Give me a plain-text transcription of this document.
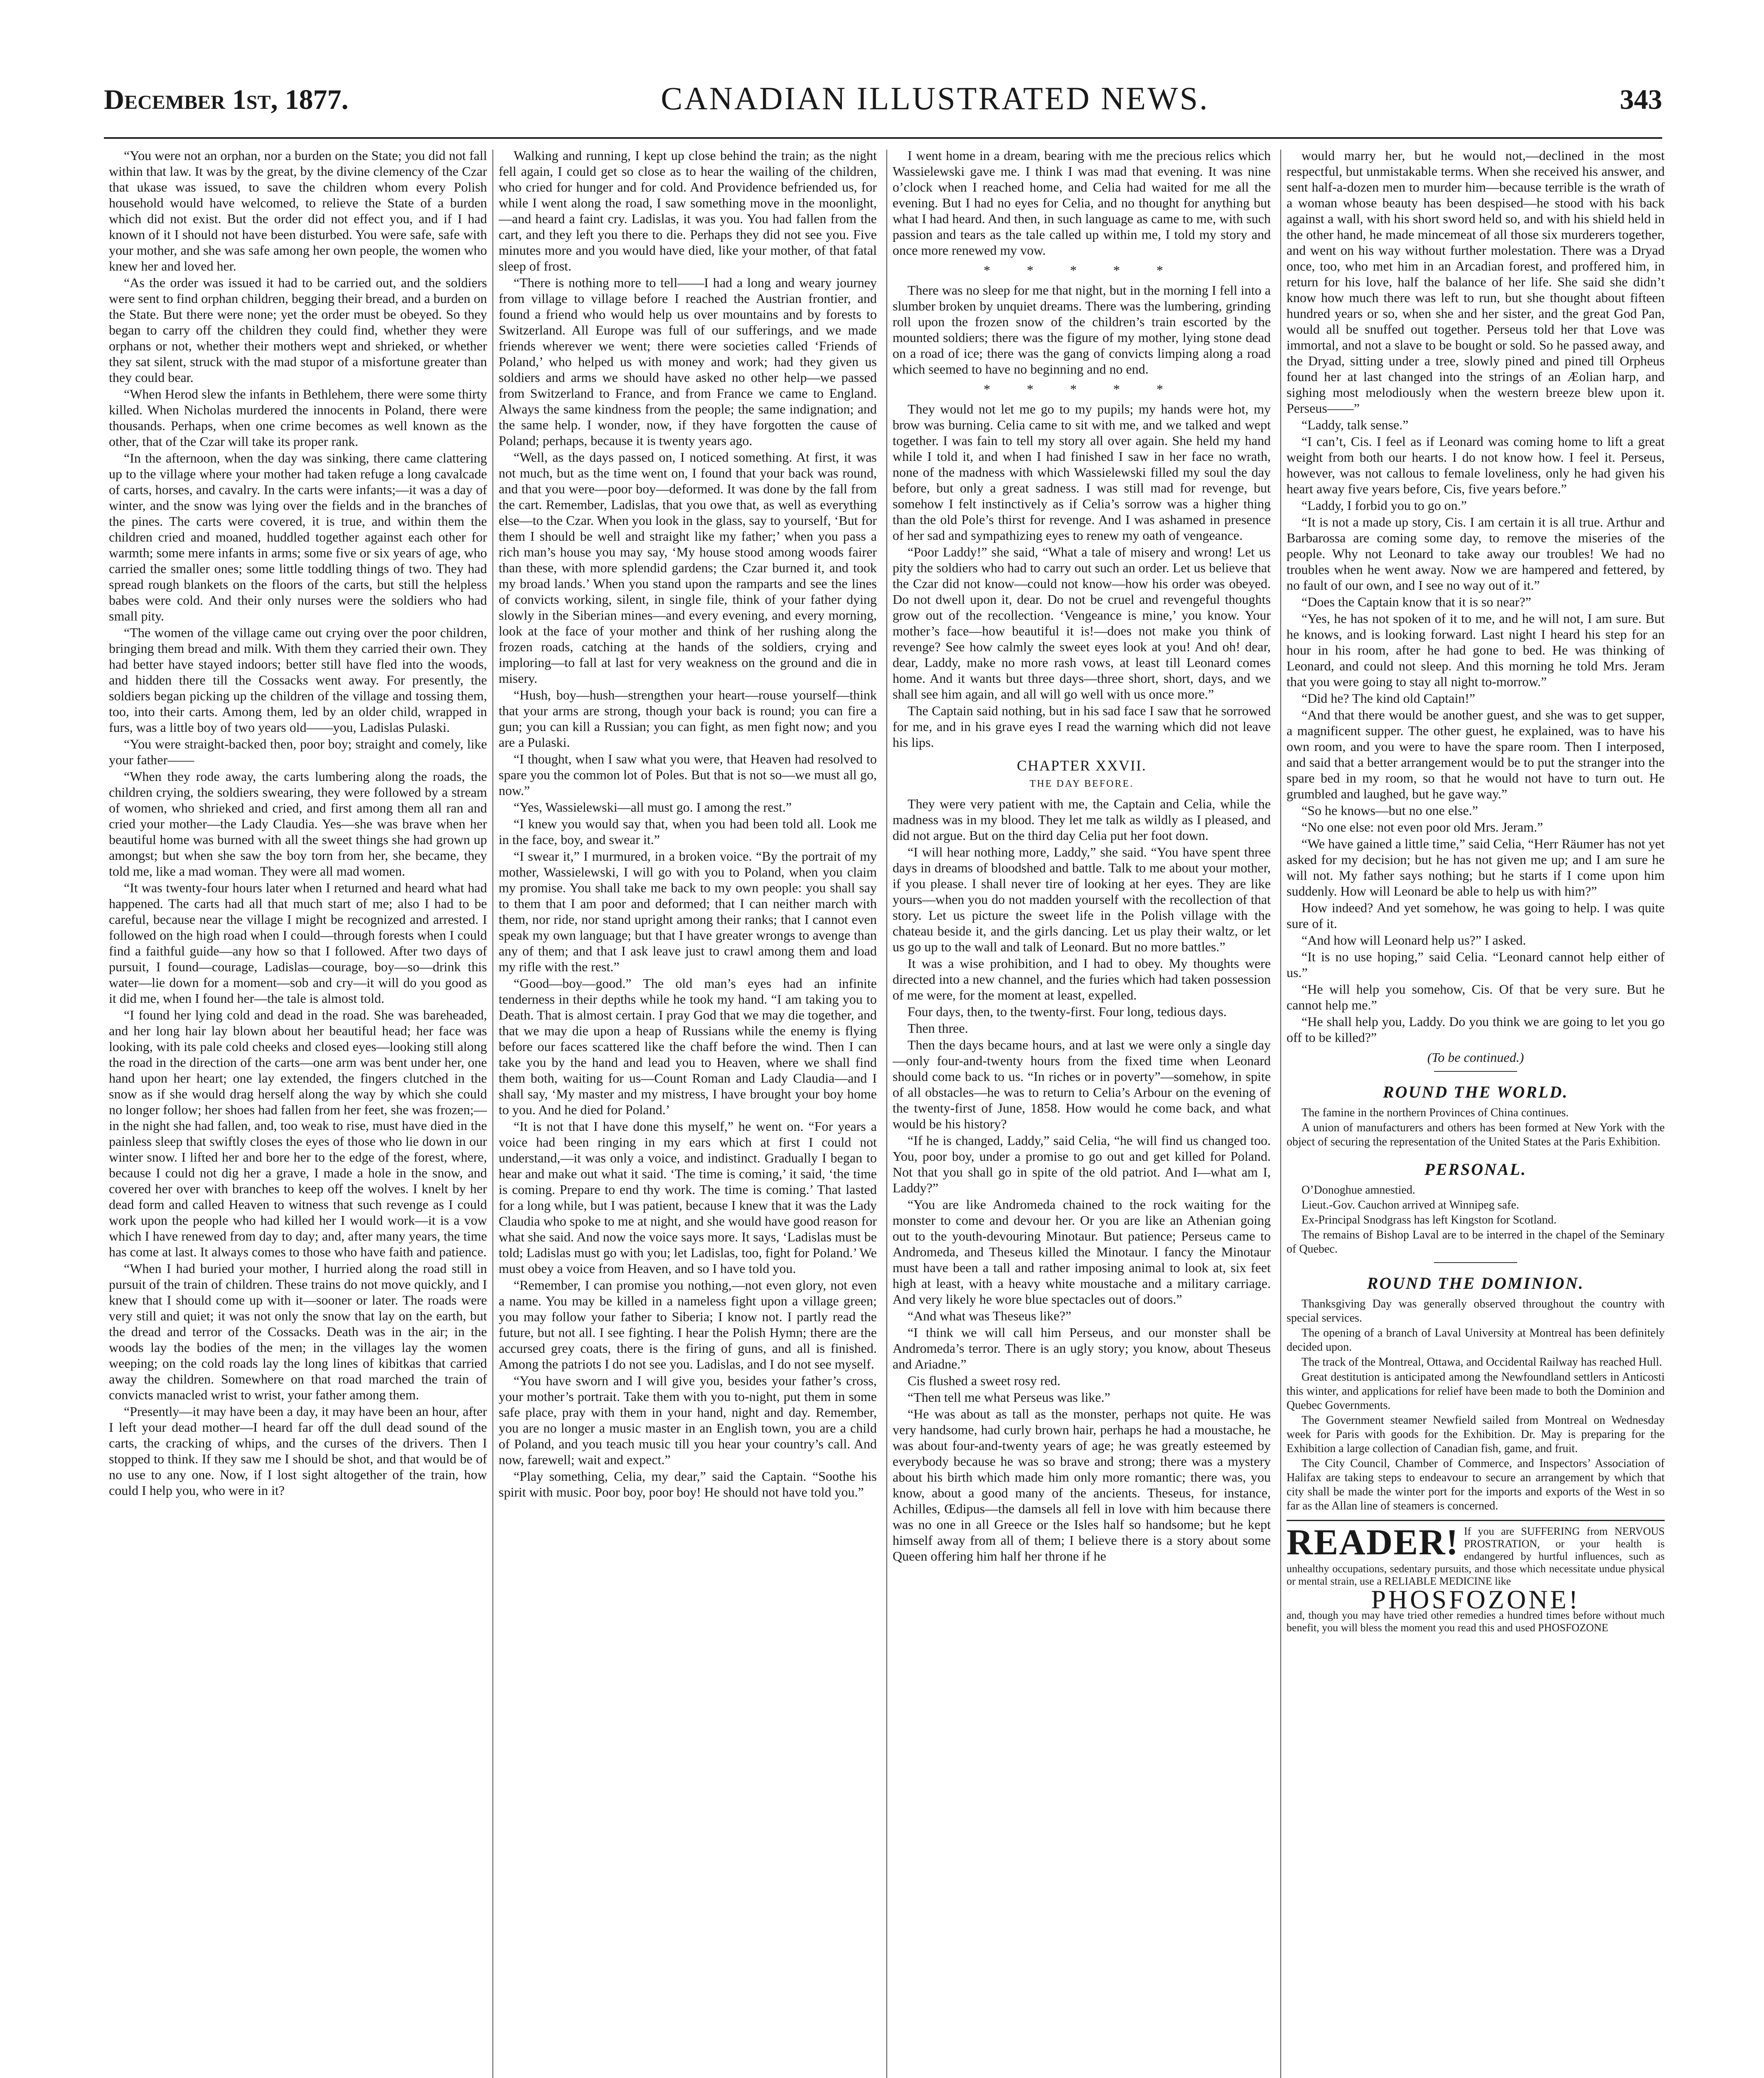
December 1st, 1877.	CANADIAN ILLUSTRATED NEWS.	343

“You were not an orphan, nor a burden on the State; you did not fall within that law. It was by the great, by the divine clemency of the Czar that ukase was issued, to save the children whom every Polish household would have welcomed, to relieve the State of a burden which did not exist. But the order did not effect you, and if I had known of it I should not have been disturbed. You were safe, safe with your mother, and she was safe among her own people, the women who knew her and loved her.

“As the order was issued it had to be carried out, and the soldiers were sent to find orphan children, begging their bread, and a burden on the State. But there were none; yet the order must be obeyed. So they began to carry off the children they could find, whether they were orphans or not, whether their mothers wept and shrieked, or whether they sat silent, struck with the mad stupor of a misfortune greater than they could bear.

“When Herod slew the infants in Bethlehem, there were some thirty killed. When Nicholas murdered the innocents in Poland, there were thousands. Perhaps, when one crime becomes as well known as the other, that of the Czar will take its proper rank.

“In the afternoon, when the day was sinking, there came clattering up to the village where your mother had taken refuge a long cavalcade of carts, horses, and cavalry. In the carts were infants;—it was a day of winter, and the snow was lying over the fields and in the branches of the pines. The carts were covered, it is true, and within them the children cried and moaned, huddled together against each other for warmth; some mere infants in arms; some five or six years of age, who carried the smaller ones; some little toddling things of two. They had spread rough blankets on the floors of the carts, but still the helpless babes were cold. And their only nurses were the soldiers who had small pity.

“The women of the village came out crying over the poor children, bringing them bread and milk. With them they carried their own. They had better have stayed indoors; better still have fled into the woods, and hidden there till the Cossacks went away. For presently, the soldiers began picking up the children of the village and tossing them, too, into their carts. Among them, led by an older child, wrapped in furs, was a little boy of two years old——you, Ladislas Pulaski.

“You were straight-backed then, poor boy; straight and comely, like your father——

“When they rode away, the carts lumbering along the roads, the children crying, the soldiers swearing, they were followed by a stream of women, who shrieked and cried, and first among them all ran and cried your mother—the Lady Claudia. Yes—she was brave when her beautiful home was burned with all the sweet things she had grown up amongst; but when she saw the boy torn from her, she became, they told me, like a mad woman. They were all mad women.

“It was twenty-four hours later when I returned and heard what had happened. The carts had all that much start of me; also I had to be careful, because near the village I might be recognized and arrested. I followed on the high road when I could—through forests when I could find a faithful guide—any how so that I followed. After two days of pursuit, I found—courage, Ladislas—courage, boy—so—drink this water—lie down for a moment—sob and cry—it will do you good as it did me, when I found her—the tale is almost told.

“I found her lying cold and dead in the road. She was bareheaded, and her long hair lay blown about her beautiful head; her face was looking, with its pale cold cheeks and closed eyes—looking still along the road in the direction of the carts—one arm was bent under her, one hand upon her heart; one lay extended, the fingers clutched in the snow as if she would drag herself along the way by which she could no longer follow; her shoes had fallen from her feet, she was frozen;—in the night she had fallen, and, too weak to rise, must have died in the painless sleep that swiftly closes the eyes of those who lie down in our winter snow. I lifted her and bore her to the edge of the forest, where, because I could not dig her a grave, I made a hole in the snow, and covered her over with branches to keep off the wolves. I knelt by her dead form and called Heaven to witness that such revenge as I could work upon the people who had killed her I would work—it is a vow which I have renewed from day to day; and, after many years, the time has come at last. It always comes to those who have faith and patience.

“When I had buried your mother, I hurried along the road still in pursuit of the train of children. These trains do not move quickly, and I knew that I should come up with it—sooner or later. The roads were very still and quiet; it was not only the snow that lay on the earth, but the dread and terror of the Cossacks. Death was in the air; in the woods lay the bodies of the men; in the villages lay the women weeping; on the cold roads lay the long lines of kibitkas that carried away the children. Somewhere on that road marched the train of convicts manacled wrist to wrist, your father among them.

“Presently—it may have been a day, it may have been an hour, after I left your dead mother—I heard far off the dull dead sound of the carts, the cracking of whips, and the curses of the drivers. Then I stopped to think. If they saw me I should be shot, and that would be of no use to any one. Now, if I lost sight altogether of the train, how could I help you, who were in it?

Walking and running, I kept up close behind the train; as the night fell again, I could get so close as to hear the wailing of the children, who cried for hunger and for cold. And Providence befriended us, for while I went along the road, I saw something move in the moonlight,—and heard a faint cry. Ladislas, it was you. You had fallen from the cart, and they left you there to die. Perhaps they did not see you. Five minutes more and you would have died, like your mother, of that fatal sleep of frost.

“There is nothing more to tell——I had a long and weary journey from village to village before I reached the Austrian frontier, and found a friend who would help us over mountains and by forests to Switzerland. All Europe was full of our sufferings, and we made friends wherever we went; there were societies called ‘Friends of Poland,’ who helped us with money and work; had they given us soldiers and arms we should have asked no other help—we passed from Switzerland to France, and from France we came to England. Always the same kindness from the people; the same indignation; and the same help. I wonder, now, if they have forgotten the cause of Poland; perhaps, because it is twenty years ago.

“Well, as the days passed on, I noticed something. At first, it was not much, but as the time went on, I found that your back was round, and that you were—poor boy—deformed. It was done by the fall from the cart. Remember, Ladislas, that you owe that, as well as everything else—to the Czar. When you look in the glass, say to yourself, ‘But for them I should be well and straight like my father;’ when you pass a rich man’s house you may say, ‘My house stood among woods fairer than these, with more splendid gardens; the Czar burned it, and took my broad lands.’ When you stand upon the ramparts and see the lines of convicts working, silent, in single file, think of your father dying slowly in the Siberian mines—and every evening, and every morning, look at the face of your mother and think of her rushing along the frozen roads, catching at the hands of the soldiers, crying and imploring—to fall at last for very weakness on the ground and die in misery.

“Hush, boy—hush—strengthen your heart—rouse yourself—think that your arms are strong, though your back is round; you can fire a gun; you can kill a Russian; you can fight, as men fight now; and you are a Pulaski.

“I thought, when I saw what you were, that Heaven had resolved to spare you the common lot of Poles. But that is not so—we must all go, now.”

“Yes, Wassielewski—all must go. I among the rest.”

“I knew you would say that, when you had been told all. Look me in the face, boy, and swear it.”

“I swear it,” I murmured, in a broken voice. “By the portrait of my mother, Wassielewski, I will go with you to Poland, when you claim my promise. You shall take me back to my own people: you shall say to them that I am poor and deformed; that I can neither march with them, nor ride, nor stand upright among their ranks; that I cannot even speak my own language; but that I have greater wrongs to avenge than any of them; and that I ask leave just to crawl among them and load my rifle with the rest.”

“Good—boy—good.” The old man’s eyes had an infinite tenderness in their depths while he took my hand. “I am taking you to Death. That is almost certain. I pray God that we may die together, and that we may die upon a heap of Russians while the enemy is flying before our faces scattered like the chaff before the wind. Then I can take you by the hand and lead you to Heaven, where we shall find them both, waiting for us—Count Roman and Lady Claudia—and I shall say, ‘My master and my mistress, I have brought your boy home to you. And he died for Poland.’

“It is not that I have done this myself,” he went on. “For years a voice had been ringing in my ears which at first I could not understand,—it was only a voice, and indistinct. Gradually I began to hear and make out what it said. ‘The time is coming,’ it said, ‘the time is coming. Prepare to end thy work. The time is coming.’ That lasted for a long while, but I was patient, because I knew that it was the Lady Claudia who spoke to me at night, and she would have good reason for what she said. And now the voice says more. It says, ‘Ladislas must be told; Ladislas must go with you; let Ladislas, too, fight for Poland.’ We must obey a voice from Heaven, and so I have told you.

“Remember, I can promise you nothing,—not even glory, not even a name. You may be killed in a nameless fight upon a village green; you may follow your father to Siberia; I know not. I partly read the future, but not all. I see fighting. I hear the Polish Hymn; there are the accursed grey coats, there is the firing of guns, and all is finished. Among the patriots I do not see you. Ladislas, and I do not see myself.

“You have sworn and I will give you, besides your father’s cross, your mother’s portrait. Take them with you to-night, put them in some safe place, pray with them in your hand, night and day. Remember, you are no longer a music master in an English town, you are a child of Poland, and you teach music till you hear your country’s call. And now, farewell; wait and expect.”

“Play something, Celia, my dear,” said the Captain. “Soothe his spirit with music. Poor boy, poor boy! He should not have told you.”

I went home in a dream, bearing with me the precious relics which Wassielewski gave me. I think I was mad that evening. It was nine o’clock when I reached home, and Celia had waited for me all the evening. But I had no eyes for Celia, and no thought for anything but what I had heard. And then, in such language as came to me, with such passion and tears as the tale called up within me, I told my story and once more renewed my vow.

* * * * *

There was no sleep for me that night, but in the morning I fell into a slumber broken by unquiet dreams. There was the lumbering, grinding roll upon the frozen snow of the children’s train escorted by the mounted soldiers; there was the figure of my mother, lying stone dead on a road of ice; there was the gang of convicts limping along a road which seemed to have no beginning and no end.

* * * * *

They would not let me go to my pupils; my hands were hot, my brow was burning. Celia came to sit with me, and we talked and wept together. I was fain to tell my story all over again. She held my hand while I told it, and when I had finished I saw in her face no wrath, none of the madness with which Wassielewski filled my soul the day before, but only a great sadness. I was still mad for revenge, but somehow I felt instinctively as if Celia’s sorrow was a higher thing than the old Pole’s thirst for revenge. And I was ashamed in presence of her sad and sympathizing eyes to renew my oath of vengeance.

“Poor Laddy!” she said, “What a tale of misery and wrong! Let us pity the soldiers who had to carry out such an order. Let us believe that the Czar did not know—could not know—how his order was obeyed. Do not dwell upon it, dear. Do not be cruel and revengeful thoughts grow out of the recollection. ‘Vengeance is mine,’ you know. Your mother’s face—how beautiful it is!—does not make you think of revenge? See how calmly the sweet eyes look at you! And oh! dear, dear, Laddy, make no more rash vows, at least till Leonard comes home. And it wants but three days—three short, short, days, and we shall see him again, and all will go well with us once more.”

The Captain said nothing, but in his sad face I saw that he sorrowed for me, and in his grave eyes I read the warning which did not leave his lips.

CHAPTER XXVII.
THE DAY BEFORE.

They were very patient with me, the Captain and Celia, while the madness was in my blood. They let me talk as wildly as I pleased, and did not argue. But on the third day Celia put her foot down.

“I will hear nothing more, Laddy,” she said. “You have spent three days in dreams of bloodshed and battle. Talk to me about your mother, if you please. I shall never tire of looking at her eyes. They are like yours—when you do not madden yourself with the recollection of that story. Let us picture the sweet life in the Polish village with the chateau beside it, and the girls dancing. Let us play their waltz, or let us go up to the wall and talk of Leonard. But no more battles.”

It was a wise prohibition, and I had to obey. My thoughts were directed into a new channel, and the furies which had taken possession of me were, for the moment at least, expelled.

Four days, then, to the twenty-first. Four long, tedious days.

Then three.

Then the days became hours, and at last we were only a single day—only four-and-twenty hours from the fixed time when Leonard should come back to us. “In riches or in poverty”—somehow, in spite of all obstacles—he was to return to Celia’s Arbour on the evening of the twenty-first of June, 1858. How would he come back, and what would be his history?

“If he is changed, Laddy,” said Celia, “he will find us changed too. You, poor boy, under a promise to go out and get killed for Poland. Not that you shall go in spite of the old patriot. And I—what am I, Laddy?”

“You are like Andromeda chained to the rock waiting for the monster to come and devour her. Or you are like an Athenian going out to the youth-devouring Minotaur. But patience; Perseus came to Andromeda, and Theseus killed the Minotaur. I fancy the Minotaur must have been a tall and rather imposing animal to look at, six feet high at least, with a heavy white moustache and a military carriage. And very likely he wore blue spectacles out of doors.”

“And what was Theseus like?”

“I think we will call him Perseus, and our monster shall be Andromeda’s terror. There is an ugly story; you know, about Theseus and Ariadne.”

Cis flushed a sweet rosy red.

“Then tell me what Perseus was like.”

“He was about as tall as the monster, perhaps not quite. He was very handsome, had curly brown hair, perhaps he had a moustache, he was about four-and-twenty years of age; he was greatly esteemed by everybody because he was so brave and strong; there was a mystery about his birth which made him only more romantic; there was, you know, about a good many of the ancients. Theseus, for instance, Achilles, Œdipus—the damsels all fell in love with him because there was no one in all Greece or the Isles half so handsome; but he kept himself away from all of them; I believe there is a story about some Queen offering him half her throne if he

would marry her, but he would not,—declined in the most respectful, but unmistakable terms. When she received his answer, and sent half-a-dozen men to murder him—because terrible is the wrath of a woman whose beauty has been despised—he stood with his back against a wall, with his short sword held so, and with his shield held in the other hand, he made mincemeat of all those six murderers together, and went on his way without further molestation. There was a Dryad once, too, who met him in an Arcadian forest, and proffered him, in return for his love, half the balance of her life. She said she didn’t know how much there was left to run, but she thought about fifteen hundred years or so, when she and her sister, and the great God Pan, would all be snuffed out together. Perseus told her that Love was immortal, and not a slave to be bought or sold. So he passed away, and the Dryad, sitting under a tree, slowly pined and pined till Orpheus found her at last changed into the strings of an Æolian harp, and sighing most melodiously when the western breeze blew upon it. Perseus——”

“Laddy, talk sense.”

“I can’t, Cis. I feel as if Leonard was coming home to lift a great weight from both our hearts. I do not know how. I feel it. Perseus, however, was not callous to female loveliness, only he had given his heart away five years before, Cis, five years before.”

“Laddy, I forbid you to go on.”

“It is not a made up story, Cis. I am certain it is all true. Arthur and Barbarossa are coming some day, to remove the miseries of the people. Why not Leonard to take away our troubles! We had no troubles when he went away. Now we are hampered and fettered, by no fault of our own, and I see no way out of it.”

“Does the Captain know that it is so near?”

“Yes, he has not spoken of it to me, and he will not, I am sure. But he knows, and is looking forward. Last night I heard his step for an hour in his room, after he had gone to bed. He was thinking of Leonard, and could not sleep. And this morning he told Mrs. Jeram that you were going to stay all night to-morrow.”

“Did he? The kind old Captain!”

“And that there would be another guest, and she was to get supper, a magnificent supper. The other guest, he explained, was to have his own room, and you were to have the spare room. Then I interposed, and said that a better arrangement would be to put the stranger into the spare bed in my room, so that he would not have to turn out. He grumbled and laughed, but he gave way.”

“So he knows—but no one else.”

“No one else: not even poor old Mrs. Jeram.”

“We have gained a little time,” said Celia, “Herr Räumer has not yet asked for my decision; but he has not given me up; and I am sure he will not. My father says nothing; but he starts if I come upon him suddenly. How will Leonard be able to help us with him?”

How indeed? And yet somehow, he was going to help. I was quite sure of it.

“And how will Leonard help us?” I asked.

“It is no use hoping,” said Celia. “Leonard cannot help either of us.”

“He will help you somehow, Cis. Of that be very sure. But he cannot help me.”

“He shall help you, Laddy. Do you think we are going to let you go off to be killed?”

(To be continued.)
ROUND THE WORLD.

The famine in the northern Provinces of China continues.

A union of manufacturers and others has been formed at New York with the object of securing the representation of the United States at the Paris Exhibition.

PERSONAL.

O’Donoghue amnestied.

Lieut.-Gov. Cauchon arrived at Winnipeg safe.

Ex-Principal Snodgrass has left Kingston for Scotland.

The remains of Bishop Laval are to be interred in the chapel of the Seminary of Quebec.

ROUND THE DOMINION.

Thanksgiving Day was generally observed throughout the country with special services.

The opening of a branch of Laval University at Montreal has been definitely decided upon.

The track of the Montreal, Ottawa, and Occidental Railway has reached Hull.

Great destitution is anticipated among the Newfoundland settlers in Anticosti this winter, and applications for relief have been made to both the Dominion and Quebec Governments.

The Government steamer Newfield sailed from Montreal on Wednesday week for Paris with goods for the Exhibition. Dr. May is preparing for the Exhibition a large collection of Canadian fish, game, and fruit.

The City Council, Chamber of Commerce, and Inspectors’ Association of Halifax are taking steps to endeavour to secure an arrangement by which that city shall be made the winter port for the imports and exports of the West in so far as the Allan line of steamers is concerned.

READER! If you are SUFFERING from NERVOUS PROSTRATION, or your health is endangered by hurtful influences, such as unhealthy occupations, sedentary pursuits, and those which necessitate undue physical or mental strain, use a RELIABLE MEDICINE like
PHOSFOZONE!
and, though you may have tried other remedies a hundred times before without much benefit, you will bless the moment you read this and used PHOSFOZONE
